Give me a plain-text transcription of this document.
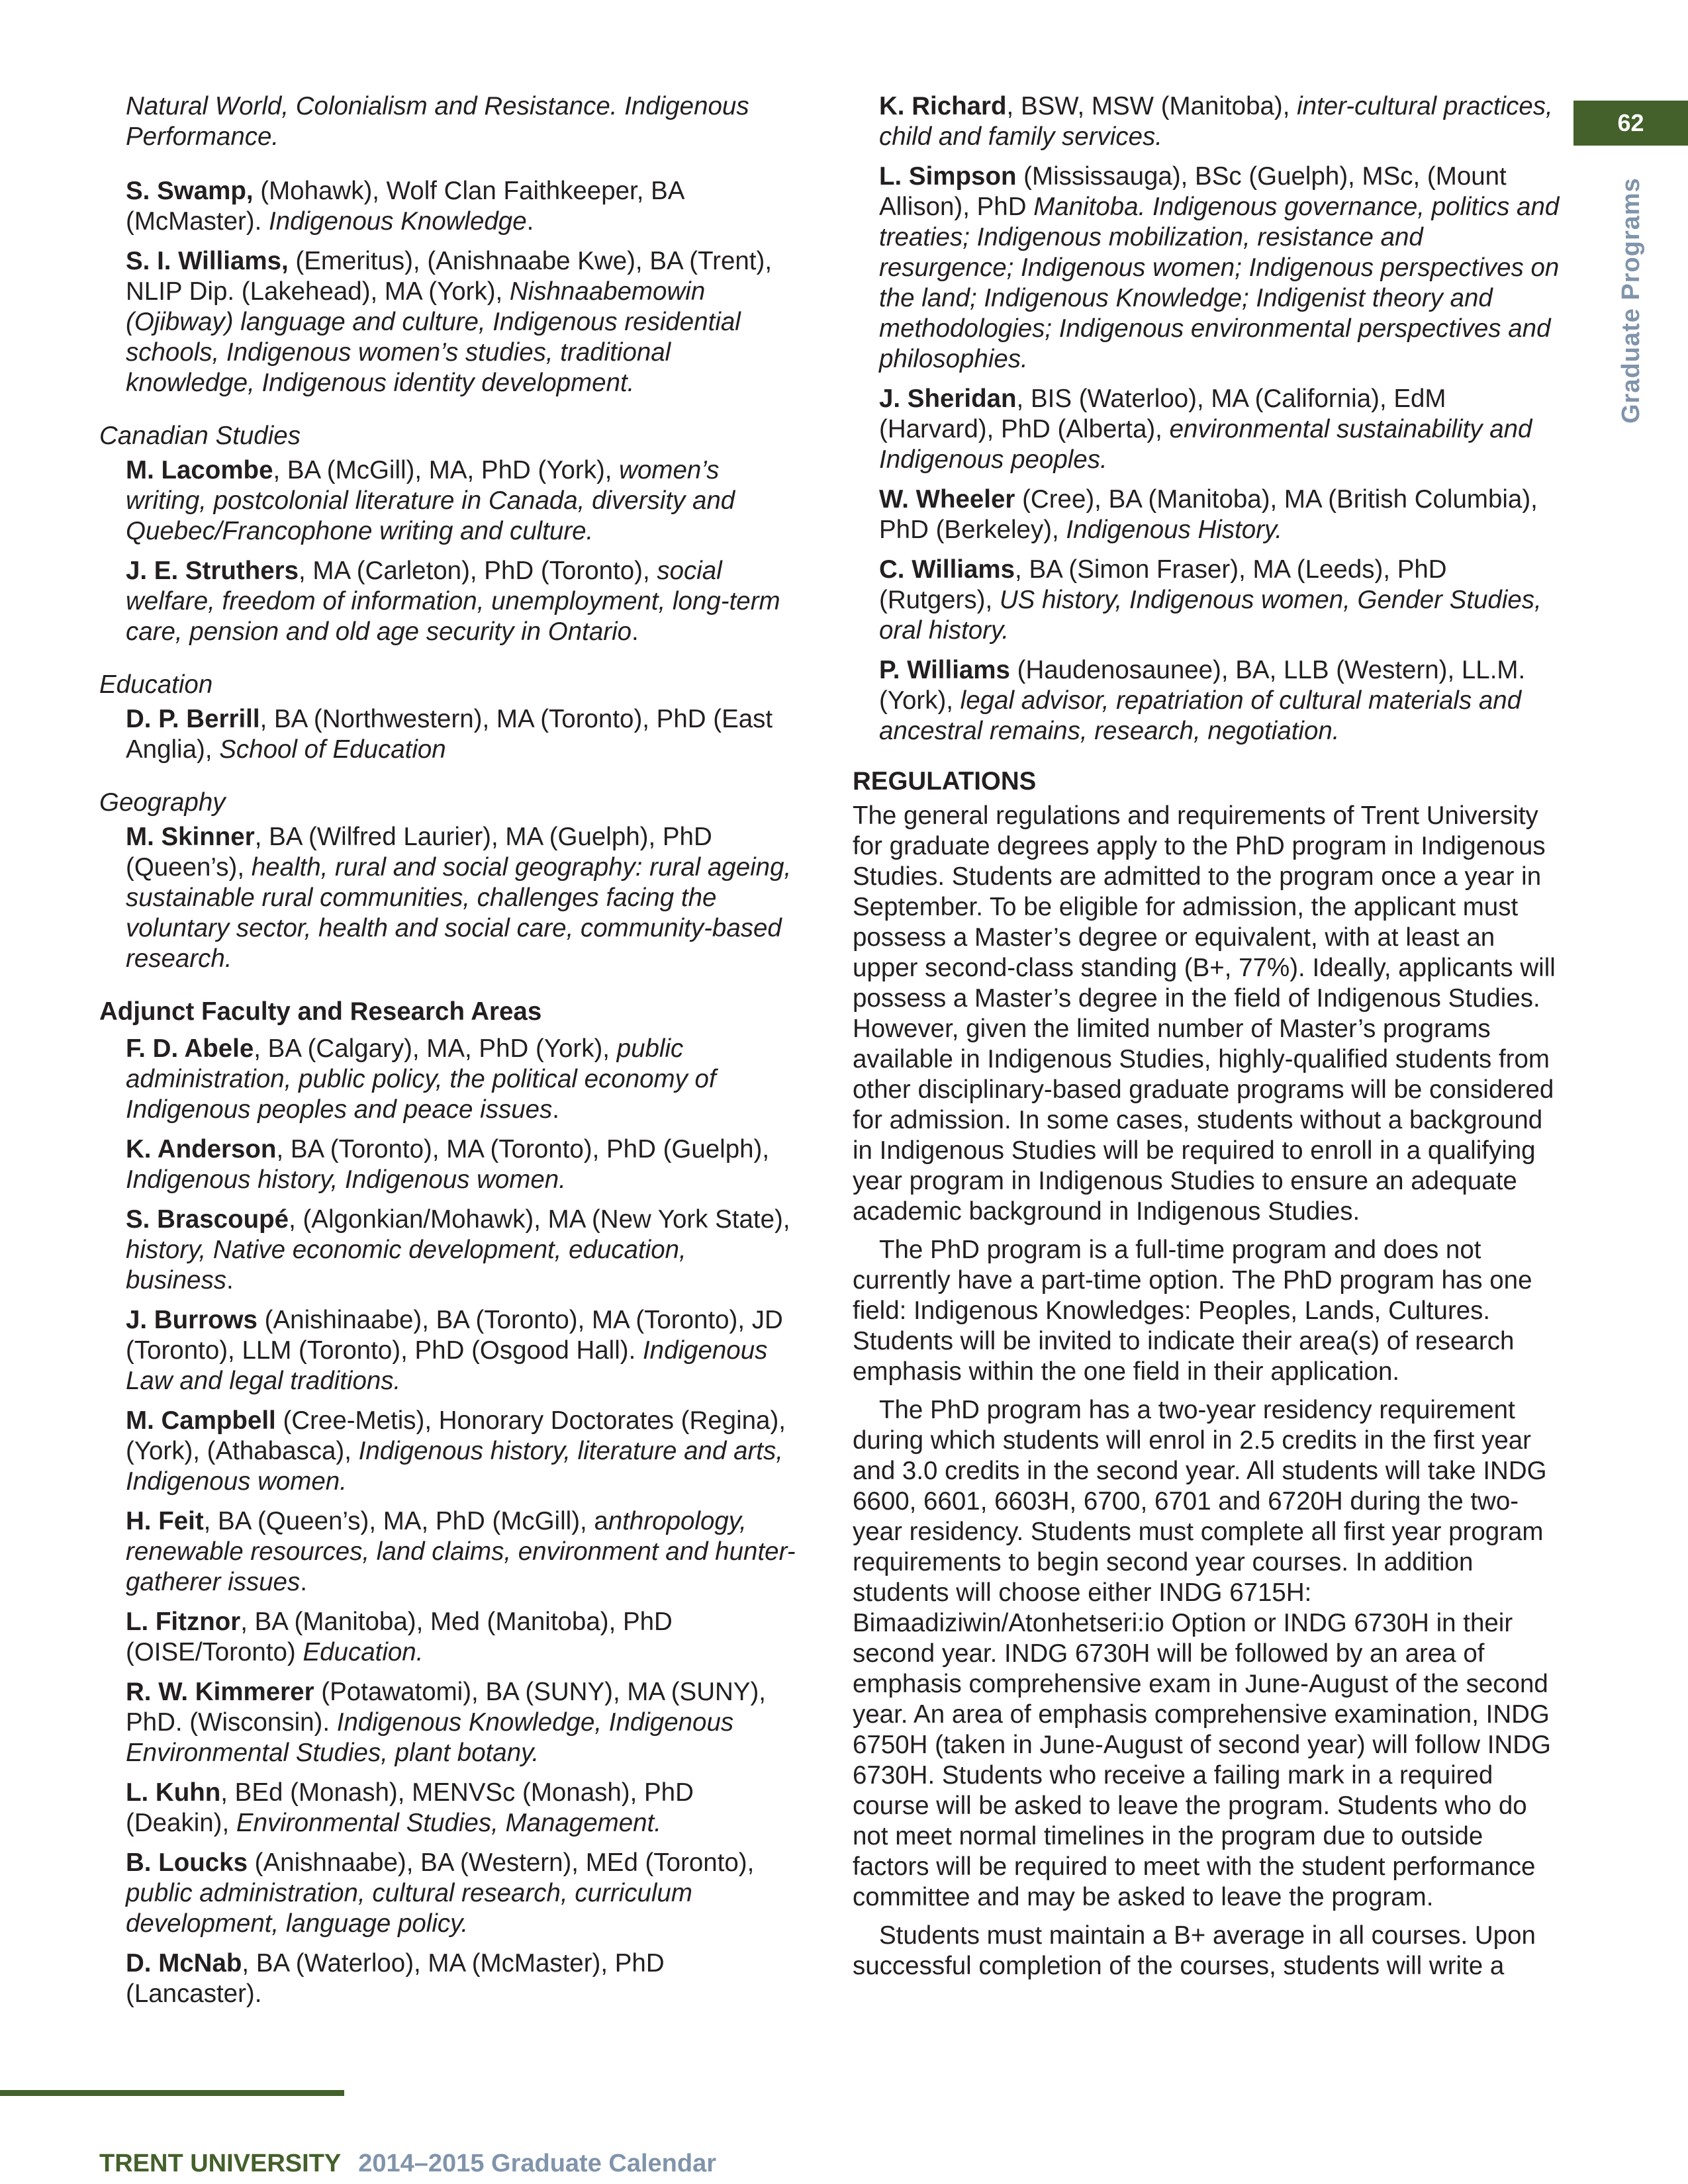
62
Graduate Programs
Natural World, Colonialism and Resistance. Indigenous Performance.
S. Swamp, (Mohawk), Wolf Clan Faithkeeper, BA (McMaster). Indigenous Knowledge.
S. I. Williams, (Emeritus), (Anishnaabe Kwe), BA (Trent), NLIP Dip. (Lakehead), MA (York), Nishnaabemowin (Ojibway) language and culture, Indigenous residential schools, Indigenous women’s studies, traditional knowledge, Indigenous identity development.
Canadian Studies
M. Lacombe, BA (McGill), MA, PhD (York), women’s writing, postcolonial literature in Canada, diversity and Quebec/Francophone writing and culture.
J. E. Struthers, MA (Carleton), PhD (Toronto), social welfare, freedom of information, unemployment, long-term care, pension and old age security in Ontario.
Education
D. P. Berrill, BA (Northwestern), MA (Toronto), PhD (East Anglia), School of Education
Geography
M. Skinner, BA (Wilfred Laurier), MA (Guelph), PhD (Queen’s), health, rural and social geography: rural ageing, sustainable rural communities, challenges facing the voluntary sector, health and social care, community-based research.
Adjunct Faculty and Research Areas
F. D. Abele, BA (Calgary), MA, PhD (York), public administration, public policy, the political economy of Indigenous peoples and peace issues.
K. Anderson, BA (Toronto), MA (Toronto), PhD (Guelph), Indigenous history, Indigenous women.
S. Brascoupé, (Algonkian/Mohawk), MA (New York State), history, Native economic development, education, business.
J. Burrows (Anishinaabe), BA (Toronto), MA (Toronto), JD (Toronto), LLM (Toronto), PhD (Osgood Hall). Indigenous Law and legal traditions.
M. Campbell (Cree-Metis), Honorary Doctorates (Regina), (York), (Athabasca), Indigenous history, literature and arts, Indigenous women.
H. Feit, BA (Queen’s), MA, PhD (McGill), anthropology, renewable resources, land claims, environment and hunter-gatherer issues.
L. Fitznor, BA (Manitoba), Med (Manitoba), PhD (OISE/Toronto) Education.
R. W. Kimmerer (Potawatomi), BA (SUNY), MA (SUNY), PhD. (Wisconsin). Indigenous Knowledge, Indigenous Environmental Studies, plant botany.
L. Kuhn, BEd (Monash), MENVSc (Monash), PhD (Deakin), Environmental Studies, Management.
B. Loucks (Anishnaabe), BA (Western), MEd (Toronto), public administration, cultural research, curriculum development, language policy.
D. McNab, BA (Waterloo), MA (McMaster), PhD (Lancaster).
K. Richard, BSW, MSW (Manitoba), inter-cultural practices, child and family services.
L. Simpson (Mississauga), BSc (Guelph), MSc, (Mount Allison), PhD Manitoba. Indigenous governance, politics and treaties; Indigenous mobilization, resistance and resurgence; Indigenous women; Indigenous perspectives on the land; Indigenous Knowledge; Indigenist theory and methodologies; Indigenous environmental perspectives and philosophies.
J. Sheridan, BIS (Waterloo), MA (California), EdM (Harvard), PhD (Alberta), environmental sustainability and Indigenous peoples.
W. Wheeler (Cree), BA (Manitoba), MA (British Columbia), PhD (Berkeley), Indigenous History.
C. Williams, BA (Simon Fraser), MA (Leeds), PhD (Rutgers), US history, Indigenous women, Gender Studies, oral history.
P. Williams (Haudenosaunee), BA, LLB (Western), LL.M. (York), legal advisor, repatriation of cultural materials and ancestral remains, research, negotiation.
REGULATIONS

The general regulations and requirements of Trent University for graduate degrees apply to the PhD program in Indigenous Studies. Students are admitted to the program once a year in September. To be eligible for admission, the applicant must possess a Master’s degree or equivalent, with at least an upper second-class standing (B+, 77%). Ideally, applicants will possess a Master’s degree in the field of Indigenous Studies. However, given the limited number of Master’s programs available in Indigenous Studies, highly-qualified students from other disciplinary-based graduate programs will be considered for admission. In some cases, students without a background in Indigenous Studies will be required to enroll in a qualifying year program in Indigenous Studies to ensure an adequate academic background in Indigenous Studies.

The PhD program is a full-time program and does not currently have a part-time option. The PhD program has one field: Indigenous Knowledges: Peoples, Lands, Cultures. Students will be invited to indicate their area(s) of research emphasis within the one field in their application.

The PhD program has a two-year residency requirement during which students will enrol in 2.5 credits in the first year and 3.0 credits in the second year. All students will take INDG 6600, 6601, 6603H, 6700, 6701 and 6720H during the two-year residency. Students must complete all first year program requirements to begin second year courses. In addition students will choose either INDG 6715H: Bimaadiziwin/Atonhetseri:io Option or INDG 6730H in their second year. INDG 6730H will be followed by an area of emphasis comprehensive exam in June-August of the second year. An area of emphasis comprehensive examination, INDG 6750H (taken in June-August of second year) will follow INDG 6730H. Students who receive a failing mark in a required course will be asked to leave the program. Students who do not meet normal timelines in the program due to outside factors will be required to meet with the student performance committee and may be asked to leave the program.

Students must maintain a B+ average in all courses. Upon successful completion of the courses, students will write a

TRENT UNIVERSITY 2014–2015 Graduate Calendar
